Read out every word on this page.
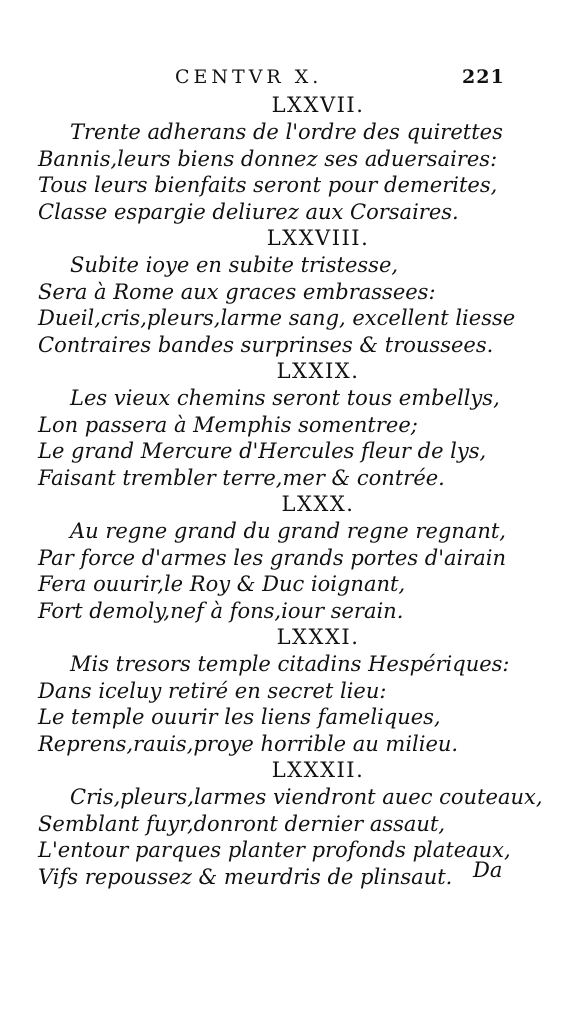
CENTVR X.	221
LXXVII.
Trente adherans de l'ordre des quirettes
Bannis,leurs biens donnez ses aduersaires:
Tous leurs bienfaits seront pour demerites,
Classe espargie deliurez aux Corsaires.
LXXVIII.
Subite ioye en subite tristesse,
Sera à Rome aux graces embrassees:
Dueil,cris,pleurs,larme sang, excellent liesse
Contraires bandes surprinses & troussees.
LXXIX.
Les vieux chemins seront tous embellys,
Lon passera à Memphis somentree;
Le grand Mercure d'Hercules fleur de lys,
Faisant trembler terre,mer & contrée.
LXXX.
Au regne grand du grand regne regnant,
Par force d'armes les grands portes d'airain
Fera ouurir,le Roy & Duc ioignant,
Fort demoly,nef à fons,iour serain.
LXXXI.
Mis tresors temple citadins Hespériques:
Dans iceluy retiré en secret lieu:
Le temple ouurir les liens fameliques,
Reprens,rauis,proye horrible au milieu.
LXXXII.
Cris,pleurs,larmes viendront auec couteaux,
Semblant fuyr,donront dernier assaut,
L'entour parques planter profonds plateaux,
Vifs repoussez & meurdris de plinsaut. Da
